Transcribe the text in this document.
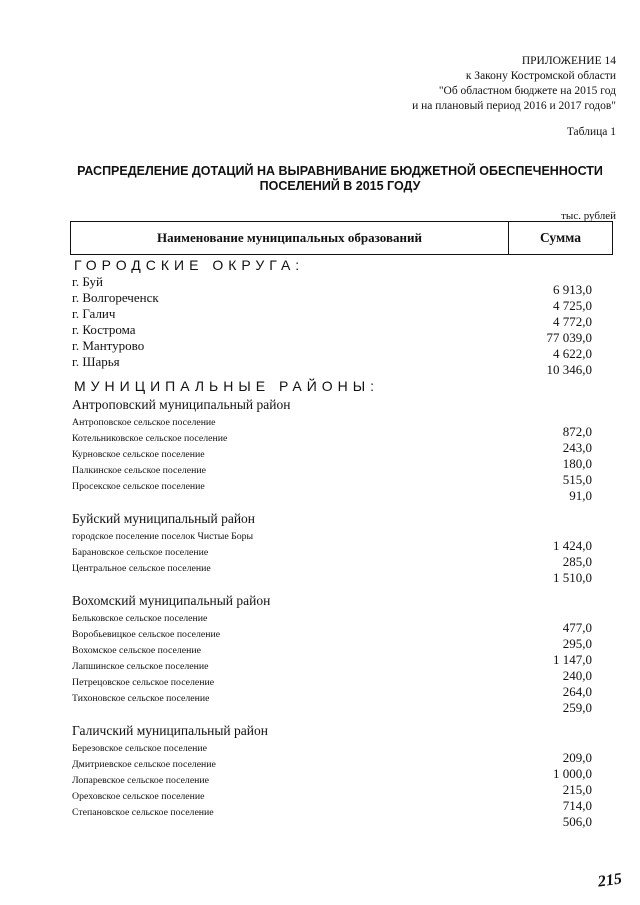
ПРИЛОЖЕНИЕ 14
к Закону Костромской области
"Об областном бюджете на 2015 год
и на плановый период 2016 и 2017 годов"
Таблица 1
РАСПРЕДЕЛЕНИЕ ДОТАЦИЙ НА ВЫРАВНИВАНИЕ БЮДЖЕТНОЙ ОБЕСПЕЧЕННОСТИ
ПОСЕЛЕНИЙ В 2015 ГОДУ
тыс. рублей
Наименование муниципальных образований	Сумма
ГОРОДСКИЕ ОКРУГА:
г. Буй
6 913,0
г. Волгореченск
4 725,0
г. Галич
4 772,0
г. Кострома
77 039,0
г. Мантурово
4 622,0
г. Шарья
10 346,0
МУНИЦИПАЛЬНЫЕ РАЙОНЫ:
Антроповский муниципальный район
Антроповское сельское поселение
872,0
Котельниковское сельское поселение
243,0
Курновское сельское поселение
180,0
Палкинское сельское поселение
515,0
Просекское сельское поселение
91,0
Буйский муниципальный район
городское поселение поселок Чистые Боры
1 424,0
Барановское сельское поселение
285,0
Центральное сельское поселение
1 510,0
Вохомский муниципальный район
Бельковское сельское поселение
477,0
Воробьевицкое сельское поселение
295,0
Вохомское сельское поселение
1 147,0
Лапшинское сельское поселение
240,0
Петрецовское сельское поселение
264,0
Тихоновское сельское поселение
259,0
Галичский муниципальный район
Березовское сельское поселение
209,0
Дмитриевское сельское поселение
1 000,0
Лопаревское сельское поселение
215,0
Ореховское сельское поселение
714,0
Степановское сельское поселение
506,0
215
